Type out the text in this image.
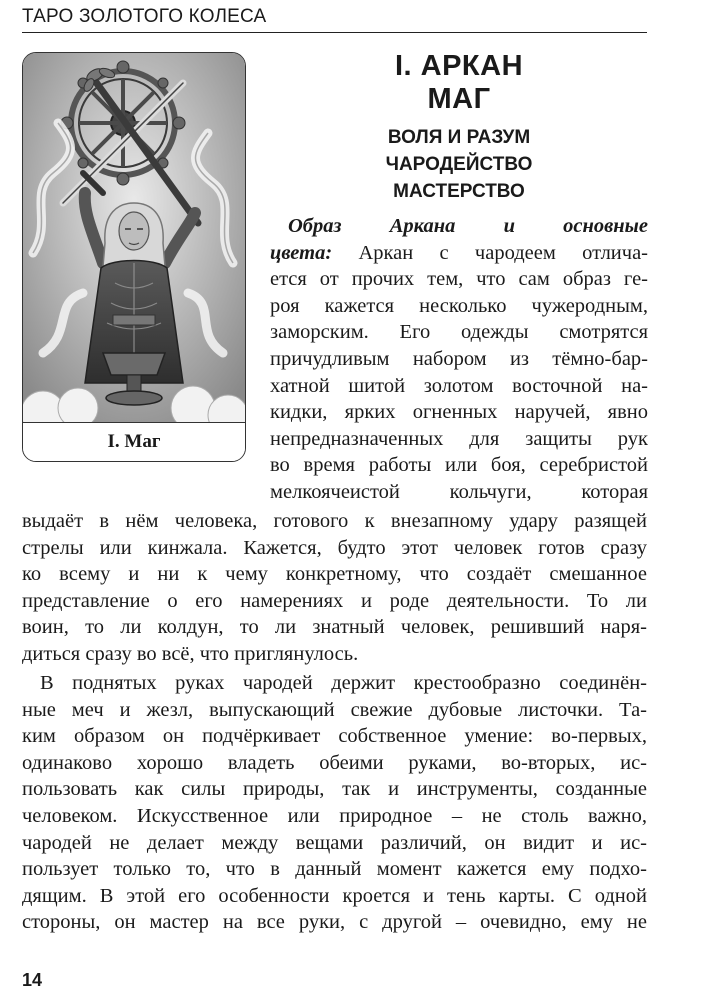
ТАРО ЗОЛОТОГО КОЛЕСА
I. Маг
I. АРКАН
МАГ
ВОЛЯ И РАЗУМ
ЧАРОДЕЙСТВО
МАСТЕРСТВО
Образ Аркана и основные
цвета: Аркан с чародеем отлича-
ется от прочих тем, что сам образ ге-
роя кажется несколько чужеродным,
заморским. Его одежды смотрятся
причудливым набором из тёмно-бар-
хатной шитой золотом восточной на-
кидки, ярких огненных наручей, явно
непредназначенных для защиты рук
во время работы или боя, серебристой
мелкоячеистой кольчуги, которая
выдаёт в нём человека, готового к внезапному удару разящей
стрелы или кинжала. Кажется, будто этот человек готов сразу
ко всему и ни к чему конкретному, что создаёт смешанное
представление о его намерениях и роде деятельности. То ли
воин, то ли колдун, то ли знатный человек, решивший наря-
диться сразу во всё, что приглянулось.
В поднятых руках чародей держит крестообразно соединён-
ные меч и жезл, выпускающий свежие дубовые листочки. Та-
ким образом он подчёркивает собственное умение: во-первых,
одинаково хорошо владеть обеими руками, во-вторых, ис-
пользовать как силы природы, так и инструменты, созданные
человеком. Искусственное или природное – не столь важно,
чародей не делает между вещами различий, он видит и ис-
пользует только то, что в данный момент кажется ему подхо-
дящим. В этой его особенности кроется и тень карты. С одной
стороны, он мастер на все руки, с другой – очевидно, ему не
14
